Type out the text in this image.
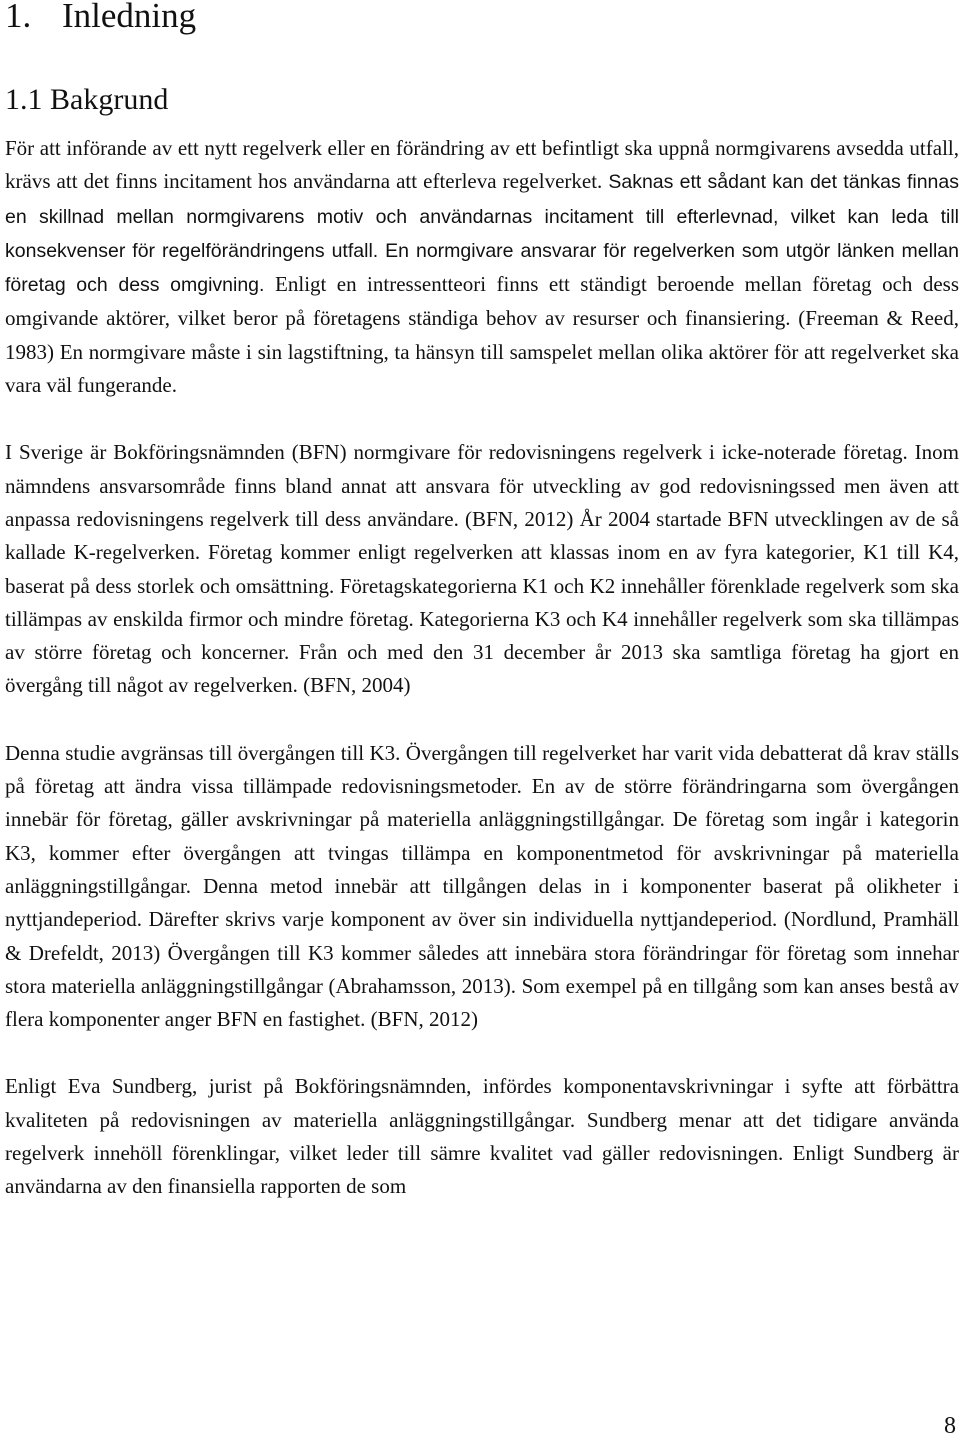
1. Inledning
1.1 Bakgrund

För att införande av ett nytt regelverk eller en förändring av ett befintligt ska uppnå normgivarens avsedda utfall, krävs att det finns incitament hos användarna att efterleva regelverket. Saknas ett sådant kan det tänkas finnas en skillnad mellan normgivarens motiv och användarnas incitament till efterlevnad, vilket kan leda till konsekvenser för regelförändringens utfall. En normgivare ansvarar för regelverken som utgör länken mellan företag och dess omgivning. Enligt en intressentteori finns ett ständigt beroende mellan företag och dess omgivande aktörer, vilket beror på företagens ständiga behov av resurser och finansiering. (Freeman & Reed, 1983) En normgivare måste i sin lagstiftning, ta hänsyn till samspelet mellan olika aktörer för att regelverket ska vara väl fungerande.

I Sverige är Bokföringsnämnden (BFN) normgivare för redovisningens regelverk i icke-noterade företag. Inom nämndens ansvarsområde finns bland annat att ansvara för utveckling av god redovisningssed men även att anpassa redovisningens regelverk till dess användare. (BFN, 2012) År 2004 startade BFN utvecklingen av de så kallade K-regelverken. Företag kommer enligt regelverken att klassas inom en av fyra kategorier, K1 till K4, baserat på dess storlek och omsättning. Företagskategorierna K1 och K2 innehåller förenklade regelverk som ska tillämpas av enskilda firmor och mindre företag. Kategorierna K3 och K4 innehåller regelverk som ska tillämpas av större företag och koncerner. Från och med den 31 december år 2013 ska samtliga företag ha gjort en övergång till något av regelverken. (BFN, 2004)

Denna studie avgränsas till övergången till K3. Övergången till regelverket har varit vida debatterat då krav ställs på företag att ändra vissa tillämpade redovisningsmetoder. En av de större förändringarna som övergången innebär för företag, gäller avskrivningar på materiella anläggningstillgångar. De företag som ingår i kategorin K3, kommer efter övergången att tvingas tillämpa en komponentmetod för avskrivningar på materiella anläggningstillgångar. Denna metod innebär att tillgången delas in i komponenter baserat på olikheter i nyttjandeperiod. Därefter skrivs varje komponent av över sin individuella nyttjandeperiod. (Nordlund, Pramhäll & Drefeldt, 2013) Övergången till K3 kommer således att innebära stora förändringar för företag som innehar stora materiella anläggningstillgångar (Abrahamsson, 2013). Som exempel på en tillgång som kan anses bestå av flera komponenter anger BFN en fastighet. (BFN, 2012)

Enligt Eva Sundberg, jurist på Bokföringsnämnden, infördes komponentavskrivningar i syfte att förbättra kvaliteten på redovisningen av materiella anläggningstillgångar. Sundberg menar att det tidigare använda regelverk innehöll förenklingar, vilket leder till sämre kvalitet vad gäller redovisningen. Enligt Sundberg är användarna av den finansiella rapporten de som

8
